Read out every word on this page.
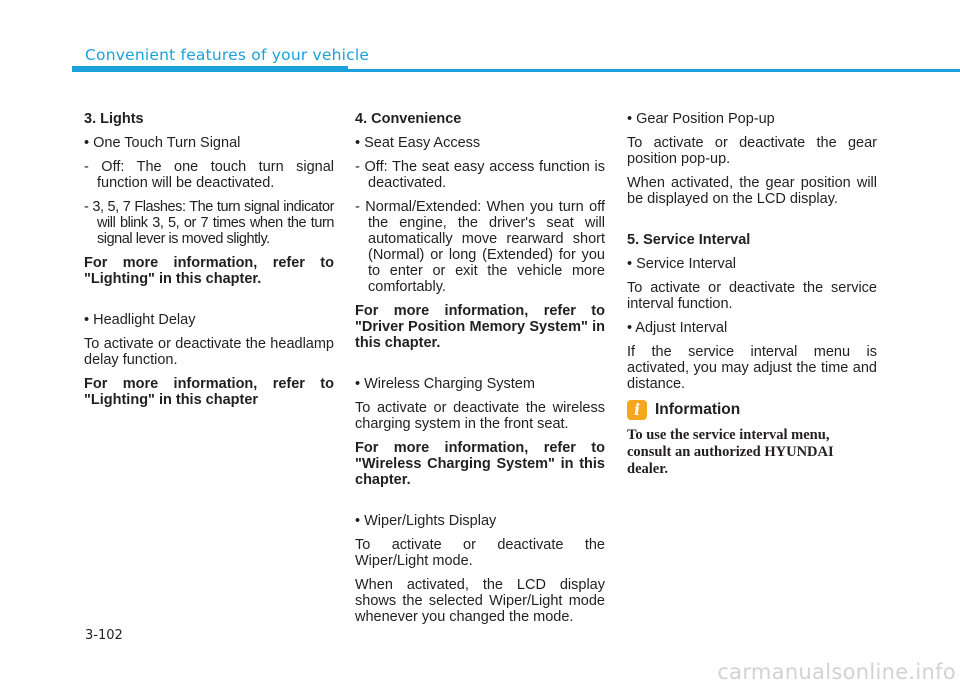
Convenient features of your vehicle

3. Lights

• One Touch Turn Signal

- Off: The one touch turn signal function will be deactivated.

- 3, 5, 7 Flashes: The turn signal indicator will blink 3, 5, or 7 times when the turn signal lever is moved slightly.

For more information, refer to "Lighting" in this chapter.

• Headlight Delay

To activate or deactivate the headlamp delay function.

For more information, refer to "Lighting" in this chapter

4. Convenience

• Seat Easy Access

- Off: The seat easy access function is deactivated.

- Normal/Extended: When you turn off the engine, the driver's seat will automatically move rearward short (Normal) or long (Extended) for you to enter or exit the vehicle more comfortably.

For more information, refer to "Driver Position Memory System" in this chapter.

• Wireless Charging System

To activate or deactivate the wireless charging system in the front seat.

For more information, refer to "Wireless Charging System" in this chapter.

• Wiper/Lights Display

To activate or deactivate the Wiper/Light mode.

When activated, the LCD display shows the selected Wiper/Light mode whenever you changed the mode.

• Gear Position Pop-up

To activate or deactivate the gear position pop-up.

When activated, the gear position will be displayed on the LCD display.

5. Service Interval

• Service Interval

To activate or deactivate the service interval function.

• Adjust Interval

If the service interval menu is activated, you may adjust the time and distance.

i Information

To use the service interval menu, consult an authorized HYUNDAI dealer.

3-102
carmanualsonline.info
